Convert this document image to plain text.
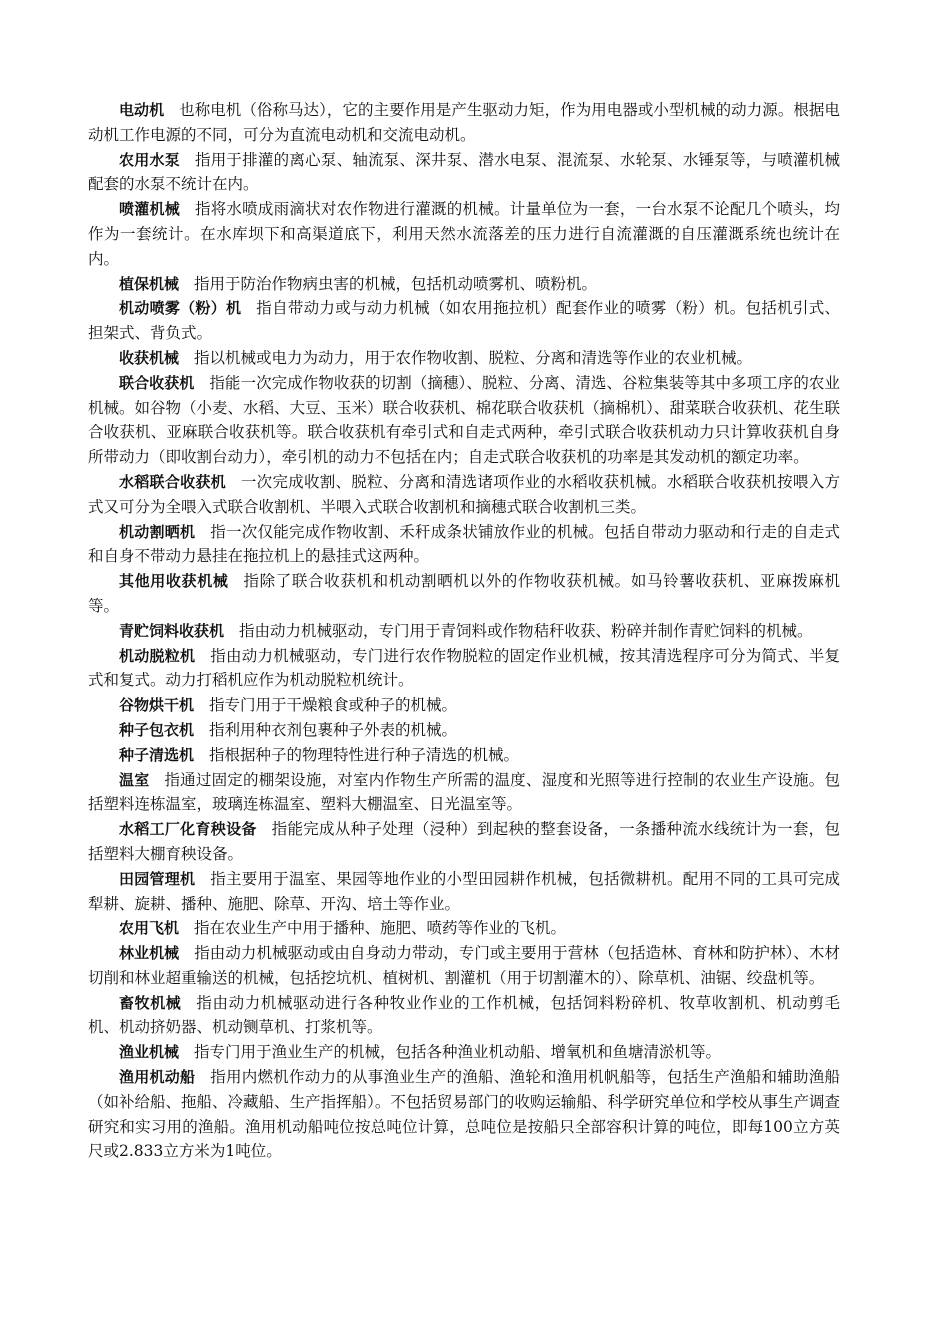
电动机 也称电机（俗称马达），它的主要作用是产生驱动力矩，作为用电器或小型机械的动力源。根据电动机工作电源的不同，可分为直流电动机和交流电动机。

农用水泵 指用于排灌的离心泵、轴流泵、深井泵、潜水电泵、混流泵、水轮泵、水锤泵等，与喷灌机械配套的水泵不统计在内。

喷灌机械 指将水喷成雨滴状对农作物进行灌溉的机械。计量单位为一套，一台水泵不论配几个喷头，均作为一套统计。在水库坝下和高渠道底下，利用天然水流落差的压力进行自流灌溉的自压灌溉系统也统计在内。

植保机械 指用于防治作物病虫害的机械，包括机动喷雾机、喷粉机。

机动喷雾（粉）机 指自带动力或与动力机械（如农用拖拉机）配套作业的喷雾（粉）机。包括机引式、担架式、背负式。

收获机械 指以机械或电力为动力，用于农作物收割、脱粒、分离和清选等作业的农业机械。

联合收获机 指能一次完成作物收获的切割（摘穗）、脱粒、分离、清选、谷粒集装等其中多项工序的农业机械。如谷物（小麦、水稻、大豆、玉米）联合收获机、棉花联合收获机（摘棉机）、甜菜联合收获机、花生联合收获机、亚麻联合收获机等。联合收获机有牵引式和自走式两种，牵引式联合收获机动力只计算收获机自身所带动力（即收割台动力），牵引机的动力不包括在内；自走式联合收获机的功率是其发动机的额定功率。

水稻联合收获机 一次完成收割、脱粒、分离和清选诸项作业的水稻收获机械。水稻联合收获机按喂入方式又可分为全喂入式联合收割机、半喂入式联合收割机和摘穗式联合收割机三类。

机动割晒机 指一次仅能完成作物收割、禾秆成条状铺放作业的机械。包括自带动力驱动和行走的自走式和自身不带动力悬挂在拖拉机上的悬挂式这两种。

其他用收获机械 指除了联合收获机和机动割晒机以外的作物收获机械。如马铃薯收获机、亚麻拨麻机等。

青贮饲料收获机 指由动力机械驱动，专门用于青饲料或作物秸秆收获、粉碎并制作青贮饲料的机械。

机动脱粒机 指由动力机械驱动，专门进行农作物脱粒的固定作业机械，按其清选程序可分为简式、半复式和复式。动力打稻机应作为机动脱粒机统计。

谷物烘干机 指专门用于干燥粮食或种子的机械。

种子包衣机 指利用种衣剂包裹种子外表的机械。

种子清选机 指根据种子的物理特性进行种子清选的机械。

温室 指通过固定的棚架设施，对室内作物生产所需的温度、湿度和光照等进行控制的农业生产设施。包括塑料连栋温室，玻璃连栋温室、塑料大棚温室、日光温室等。

水稻工厂化育秧设备 指能完成从种子处理（浸种）到起秧的整套设备，一条播种流水线统计为一套，包括塑料大棚育秧设备。

田园管理机 指主要用于温室、果园等地作业的小型田园耕作机械，包括微耕机。配用不同的工具可完成犁耕、旋耕、播种、施肥、除草、开沟、培土等作业。

农用飞机 指在农业生产中用于播种、施肥、喷药等作业的飞机。

林业机械 指由动力机械驱动或由自身动力带动，专门或主要用于营林（包括造林、育林和防护林）、木材切削和林业超重输送的机械，包括挖坑机、植树机、割灌机（用于切割灌木的）、除草机、油锯、绞盘机等。

畜牧机械 指由动力机械驱动进行各种牧业作业的工作机械，包括饲料粉碎机、牧草收割机、机动剪毛机、机动挤奶器、机动铡草机、打浆机等。

渔业机械 指专门用于渔业生产的机械，包括各种渔业机动船、增氧机和鱼塘清淤机等。

渔用机动船 指用内燃机作动力的从事渔业生产的渔船、渔轮和渔用机帆船等，包括生产渔船和辅助渔船（如补给船、拖船、冷藏船、生产指挥船）。不包括贸易部门的收购运输船、科学研究单位和学校从事生产调查研究和实习用的渔船。渔用机动船吨位按总吨位计算，总吨位是按船只全部容积计算的吨位，即每100立方英尺或2.833立方米为1吨位。
